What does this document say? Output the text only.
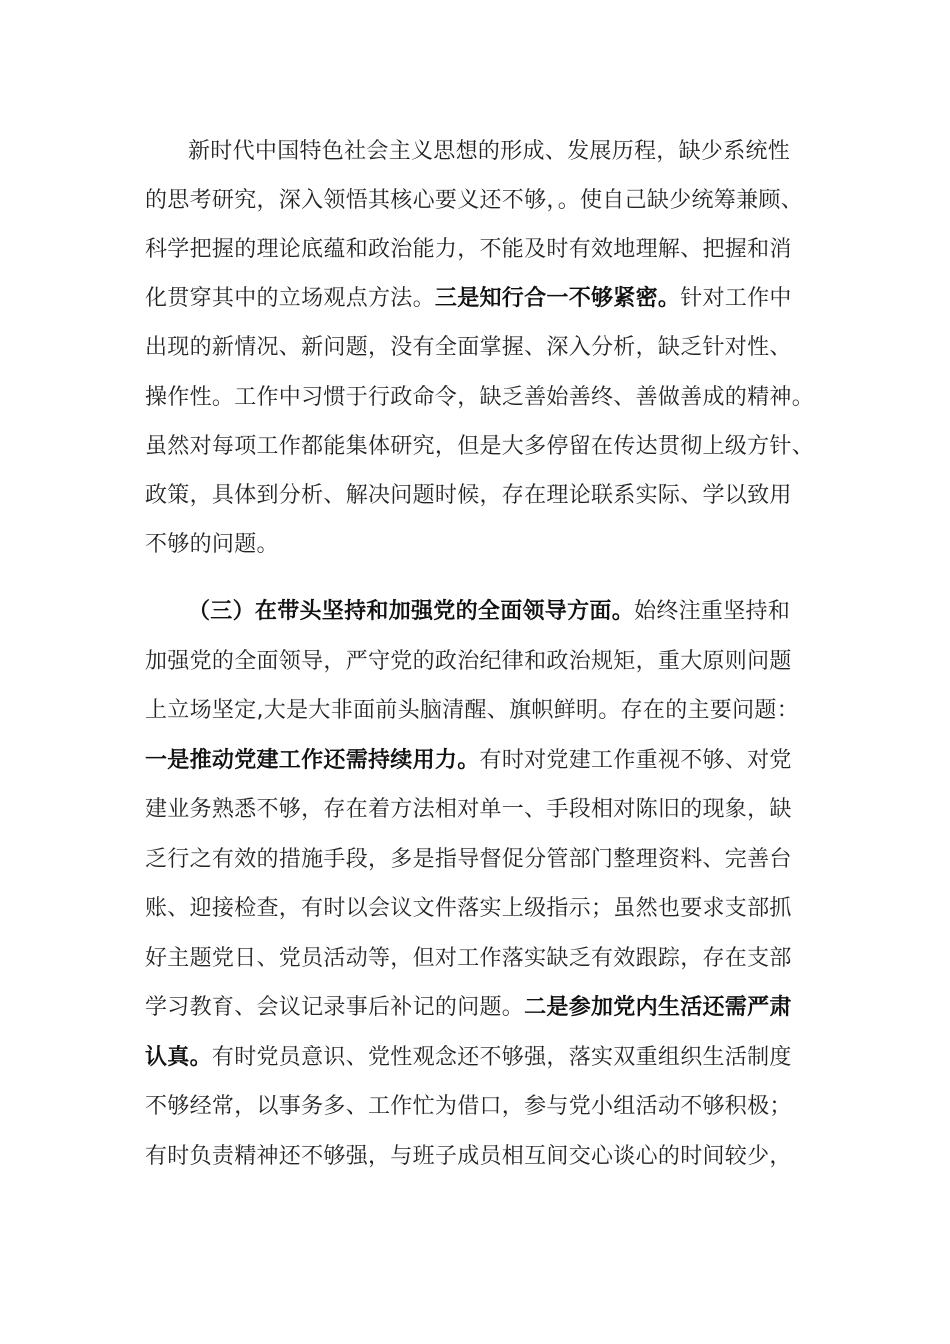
新时代中国特色社会主义思想的形成、发展历程，缺少系统性
的思考研究，深入领悟其核心要义还不够，。使自己缺少统筹兼顾、
科学把握的理论底蕴和政治能力，不能及时有效地理解、把握和消
化贯穿其中的立场观点方法。三是知行合一不够紧密。针对工作中
出现的新情况、新问题，没有全面掌握、深入分析，缺乏针对性、
操作性。工作中习惯于行政命令，缺乏善始善终、善做善成的精神。
虽然对每项工作都能集体研究，但是大多停留在传达贯彻上级方针、
政策，具体到分析、解决问题时候，存在理论联系实际、学以致用
不够的问题。
（三）在带头坚持和加强党的全面领导方面。始终注重坚持和
加强党的全面领导，严守党的政治纪律和政治规矩，重大原则问题
上立场坚定,大是大非面前头脑清醒、旗帜鲜明。存在的主要问题：
一是推动党建工作还需持续用力。有时对党建工作重视不够、对党
建业务熟悉不够，存在着方法相对单一、手段相对陈旧的现象，缺
乏行之有效的措施手段，多是指导督促分管部门整理资料、完善台
账、迎接检查，有时以会议文件落实上级指示；虽然也要求支部抓
好主题党日、党员活动等，但对工作落实缺乏有效跟踪，存在支部
学习教育、会议记录事后补记的问题。二是参加党内生活还需严肃
认真。有时党员意识、党性观念还不够强，落实双重组织生活制度
不够经常，以事务多、工作忙为借口，参与党小组活动不够积极；
有时负责精神还不够强，与班子成员相互间交心谈心的时间较少，
